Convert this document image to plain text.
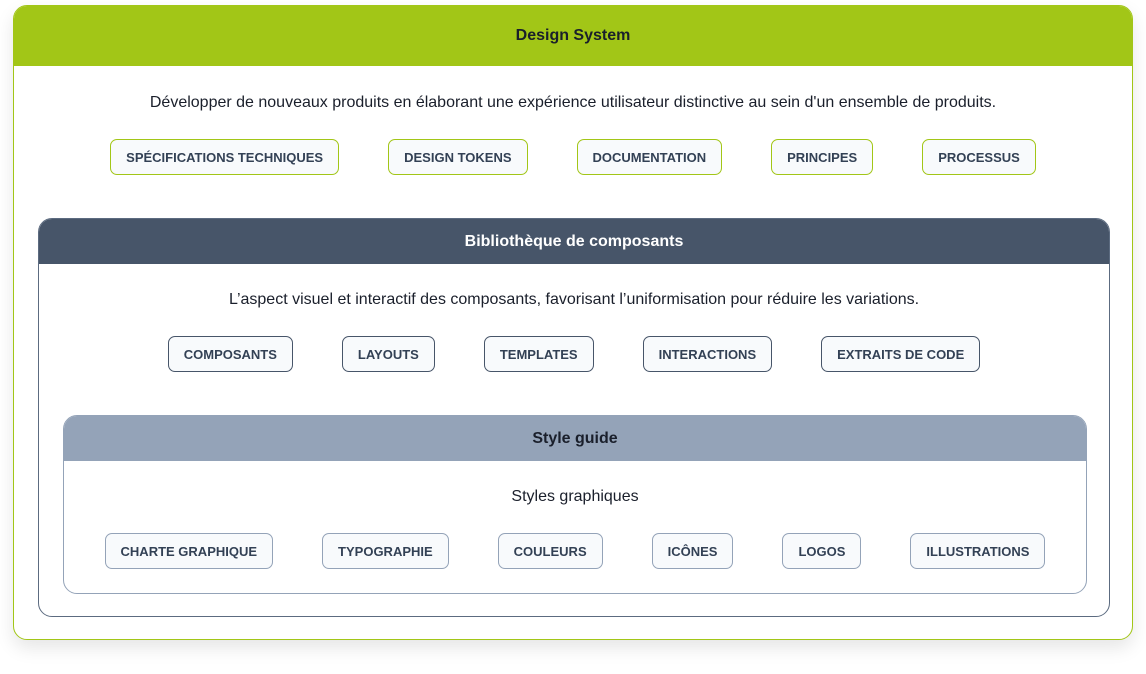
Design System
Développer de nouveaux produits en élaborant une expérience utilisateur distinctive au sein d'un ensemble de produits.
SPÉCIFICATIONS TECHNIQUES	DESIGN TOKENS	DOCUMENTATION	PRINCIPES	PROCESSUS
Bibliothèque de composants
L’aspect visuel et interactif des composants, favorisant l’uniformisation pour réduire les variations.
COMPOSANTS	LAYOUTS	TEMPLATES	INTERACTIONS	EXTRAITS DE CODE
Style guide
Styles graphiques
CHARTE GRAPHIQUE	TYPOGRAPHIE	COULEURS	ICÔNES	LOGOS	ILLUSTRATIONS
